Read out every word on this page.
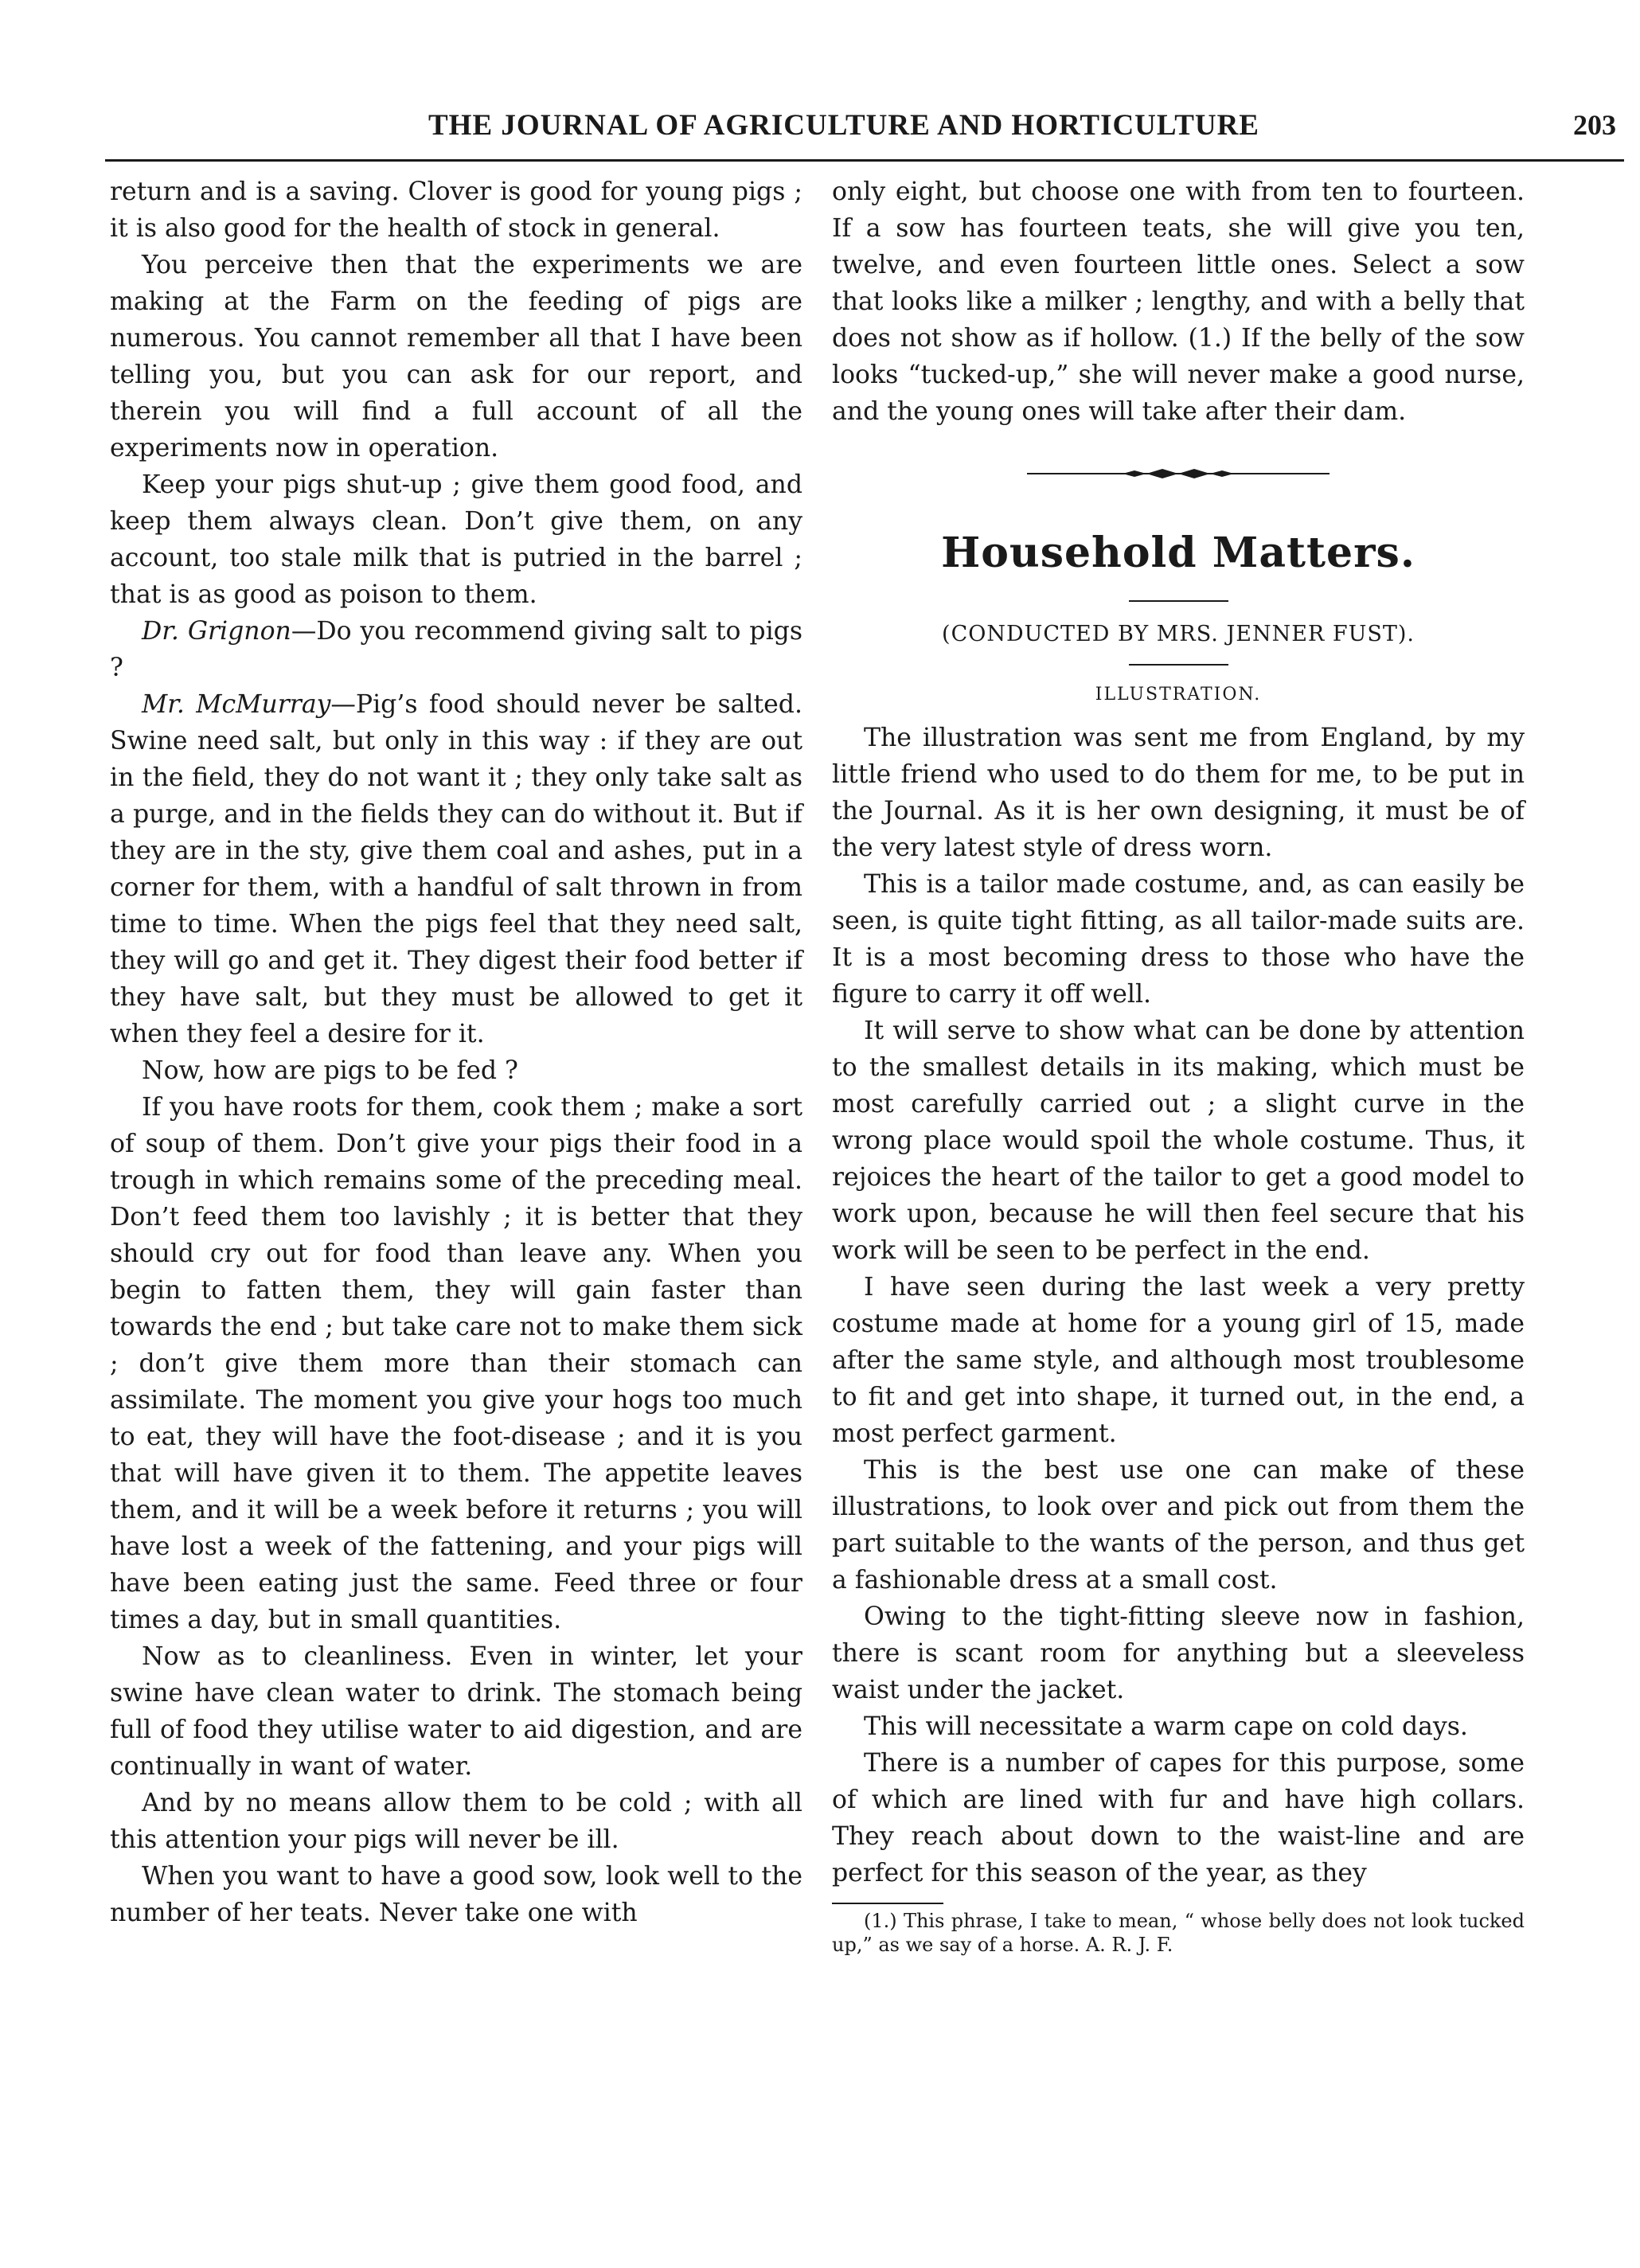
THE JOURNAL OF AGRICULTURE AND HORTICULTURE	203

return and is a saving. Clover is good for young pigs ; it is also good for the health of stock in general.

You perceive then that the experiments we are making at the Farm on the feeding of pigs are numerous. You cannot remember all that I have been telling you, but you can ask for our report, and therein you will find a full account of all the experiments now in operation.

Keep your pigs shut-up ; give them good food, and keep them always clean. Don’t give them, on any account, too stale milk that is putried in the barrel ; that is as good as poison to them.

Dr. Grignon—Do you recommend giving salt to pigs ?

Mr. McMurray—Pig’s food should never be salted. Swine need salt, but only in this way : if they are out in the field, they do not want it ; they only take salt as a purge, and in the fields they can do without it. But if they are in the sty, give them coal and ashes, put in a corner for them, with a handful of salt thrown in from time to time. When the pigs feel that they need salt, they will go and get it. They digest their food better if they have salt, but they must be allowed to get it when they feel a desire for it.

Now, how are pigs to be fed ?

If you have roots for them, cook them ; make a sort of soup of them. Don’t give your pigs their food in a trough in which remains some of the preceding meal. Don’t feed them too lavishly ; it is better that they should cry out for food than leave any. When you begin to fatten them, they will gain faster than towards the end ; but take care not to make them sick ; don’t give them more than their stomach can assimilate. The moment you give your hogs too much to eat, they will have the foot-disease ; and it is you that will have given it to them. The appetite leaves them, and it will be a week before it returns ; you will have lost a week of the fattening, and your pigs will have been eating just the same. Feed three or four times a day, but in small quantities.

Now as to cleanliness. Even in winter, let your swine have clean water to drink. The stomach being full of food they utilise water to aid digestion, and are continually in want of water.

And by no means allow them to be cold ; with all this attention your pigs will never be ill.

When you want to have a good sow, look well to the number of her teats. Never take one with

only eight, but choose one with from ten to fourteen. If a sow has fourteen teats, she will give you ten, twelve, and even fourteen little ones. Select a sow that looks like a milker ; lengthy, and with a belly that does not show as if hollow. (1.) If the belly of the sow looks “tucked-up,” she will never make a good nurse, and the young ones will take after their dam.

Household Matters.
(CONDUCTED BY MRS. JENNER FUST).
ILLUSTRATION.

The illustration was sent me from England, by my little friend who used to do them for me, to be put in the Journal. As it is her own designing, it must be of the very latest style of dress worn.

This is a tailor made costume, and, as can easily be seen, is quite tight fitting, as all tailor-made suits are. It is a most becoming dress to those who have the figure to carry it off well.

It will serve to show what can be done by attention to the smallest details in its making, which must be most carefully carried out ; a slight curve in the wrong place would spoil the whole costume. Thus, it rejoices the heart of the tailor to get a good model to work upon, because he will then feel secure that his work will be seen to be perfect in the end.

I have seen during the last week a very pretty costume made at home for a young girl of 15, made after the same style, and although most troublesome to fit and get into shape, it turned out, in the end, a most perfect garment.

This is the best use one can make of these illustrations, to look over and pick out from them the part suitable to the wants of the person, and thus get a fashionable dress at a small cost.

Owing to the tight-fitting sleeve now in fashion, there is scant room for anything but a sleeveless waist under the jacket.

This will necessitate a warm cape on cold days.

There is a number of capes for this purpose, some of which are lined with fur and have high collars. They reach about down to the waist-line and are perfect for this season of the year, as they

(1.) This phrase, I take to mean, “ whose belly does not look tucked up,” as we say of a horse. A. R. J. F.
